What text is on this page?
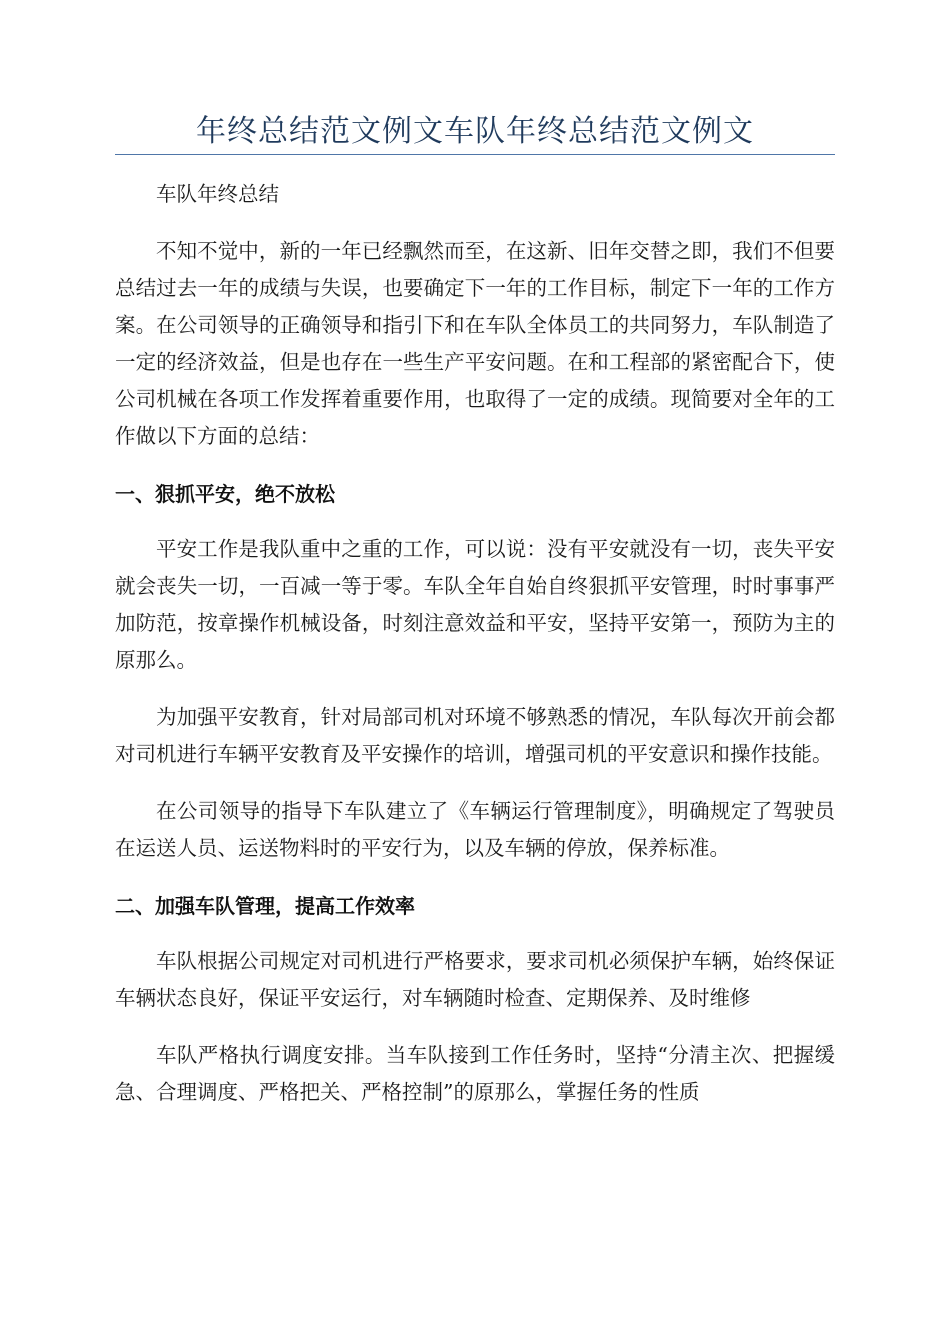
年终总结范文例文车队年终总结范文例文

车队年终总结

不知不觉中，新的一年已经飘然而至，在这新、旧年交替之即，我们不但要总结过去一年的成绩与失误，也要确定下一年的工作目标，制定下一年的工作方案。在公司领导的正确领导和指引下和在车队全体员工的共同努力，车队制造了一定的经济效益，但是也存在一些生产平安问题。在和工程部的紧密配合下，使公司机械在各项工作发挥着重要作用，也取得了一定的成绩。现简要对全年的工作做以下方面的总结：

一、狠抓平安，绝不放松

平安工作是我队重中之重的工作，可以说：没有平安就没有一切，丧失平安就会丧失一切，一百减一等于零。车队全年自始自终狠抓平安管理，时时事事严加防范，按章操作机械设备，时刻注意效益和平安，坚持平安第一，预防为主的原那么。

为加强平安教育，针对局部司机对环境不够熟悉的情况，车队每次开前会都对司机进行车辆平安教育及平安操作的培训，增强司机的平安意识和操作技能。

在公司领导的指导下车队建立了《车辆运行管理制度》，明确规定了驾驶员在运送人员、运送物料时的平安行为，以及车辆的停放，保养标准。

二、加强车队管理，提高工作效率

车队根据公司规定对司机进行严格要求，要求司机必须保护车辆，始终保证车辆状态良好，保证平安运行，对车辆随时检查、定期保养、及时维修

车队严格执行调度安排。当车队接到工作任务时，坚持“分清主次、把握缓急、合理调度、严格把关、严格控制”的原那么，掌握任务的性质
